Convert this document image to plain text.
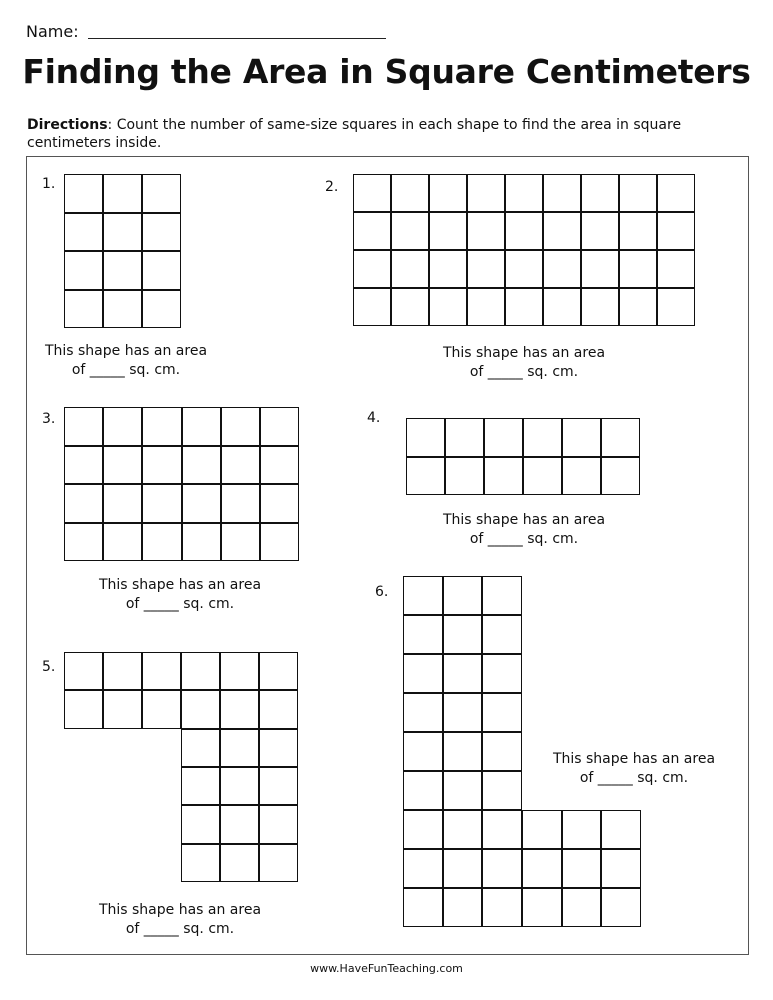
Name:
Finding the Area in Square Centimeters
Directions: Count the number of same-size squares in each shape to find the area in square centimeters inside.
1.
This shape has an area
of _____ sq. cm.
2.
This shape has an area
of _____ sq. cm.
3.
This shape has an area
of _____ sq. cm.
4.
This shape has an area
of _____ sq. cm.
5.
This shape has an area
of _____ sq. cm.
6.
This shape has an area
of _____ sq. cm.
www.HaveFunTeaching.com
